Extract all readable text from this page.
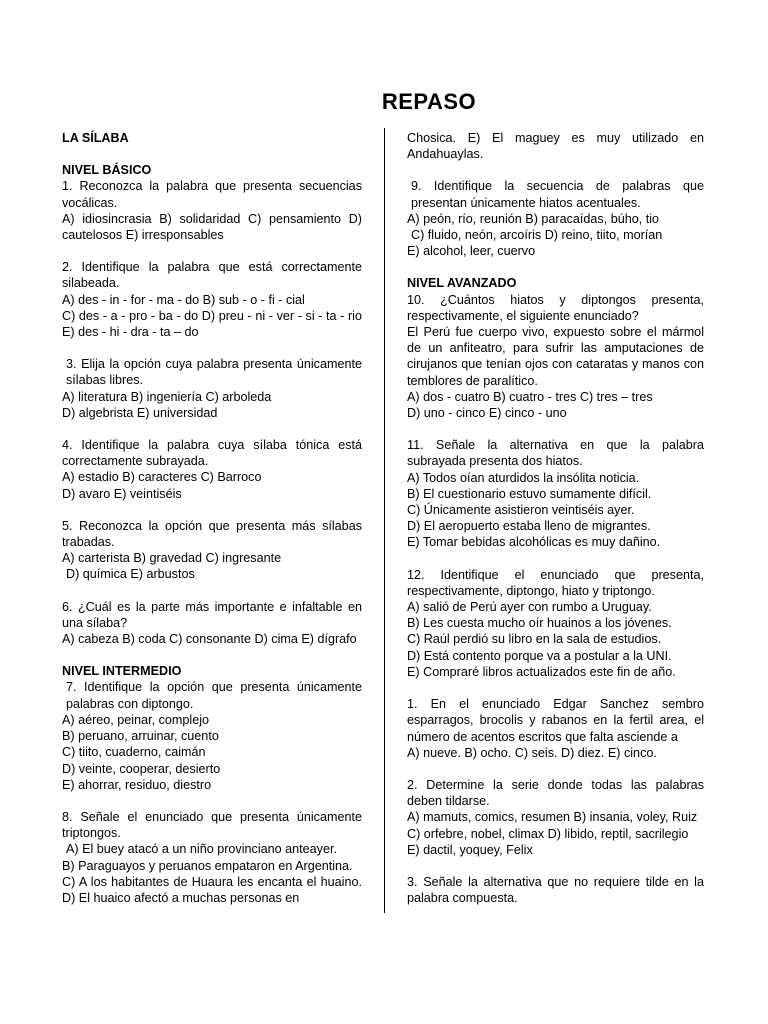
REPASO
LA SÍLABA
NIVEL BÁSICO
1. Reconozca la palabra que presenta secuencias vocálicas.
A) idiosincrasia B) solidaridad C) pensamiento D) cautelosos E) irresponsables
2. Identifique la palabra que está correctamente silabeada.
A) des - in - for - ma - do B) sub - o - fi - cial
C) des - a - pro - ba - do D) preu - ni - ver - si - ta - rio E) des - hi - dra - ta – do
3. Elija la opción cuya palabra presenta únicamente sílabas libres.
A) literatura B) ingeniería C) arboleda
D) algebrista E) universidad
4. Identifique la palabra cuya sílaba tónica está correctamente subrayada.
A) estadio B) caracteres C) Barroco
D) avaro E) veintiséis
5. Reconozca la opción que presenta más sílabas trabadas.
A) carterista B) gravedad C) ingresante
D) química E) arbustos
6. ¿Cuál es la parte más importante e infaltable en una sílaba?
A) cabeza B) coda C) consonante D) cima E) dígrafo
NIVEL INTERMEDIO
7. Identifique la opción que presenta únicamente palabras con diptongo.
A) aéreo, peinar, complejo
B) peruano, arruinar, cuento
C) tiito, cuaderno, caimán
D) veinte, cooperar, desierto
E) ahorrar, residuo, diestro
8. Señale el enunciado que presenta únicamente triptongos.
A) El buey atacó a un niño provinciano anteayer.
B) Paraguayos y peruanos empataron en Argentina.
C) A los habitantes de Huaura les encanta el huaino. D) El huaico afectó a muchas personas en
Chosica. E) El maguey es muy utilizado en Andahuaylas.
9. Identifique la secuencia de palabras que presentan únicamente hiatos acentuales.
A) peón, río, reunión B) paracaídas, búho, tio
C) fluido, neón, arcoíris D) reino, tiito, morían
E) alcohol, leer, cuervo
NIVEL AVANZADO
10. ¿Cuántos hiatos y diptongos presenta, respectivamente, el siguiente enunciado?
El Perú fue cuerpo vivo, expuesto sobre el mármol de un anfiteatro, para sufrir las amputaciones de cirujanos que tenían ojos con cataratas y manos con temblores de paralítico.
A) dos - cuatro B) cuatro - tres C) tres – tres
D) uno - cinco E) cinco - uno
11. Señale la alternativa en que la palabra subrayada presenta dos hiatos.
A) Todos oían aturdidos la insólita noticia.
B) El cuestionario estuvo sumamente difícil.
C) Únicamente asistieron veintiséis ayer.
D) El aeropuerto estaba lleno de migrantes.
E) Tomar bebidas alcohólicas es muy dañino.
12. Identifique el enunciado que presenta, respectivamente, diptongo, hiato y triptongo.
A) salió de Perú ayer con rumbo a Uruguay.
B) Les cuesta mucho oír huainos a los jóvenes.
C) Raúl perdió su libro en la sala de estudios.
D) Está contento porque va a postular a la UNI.
E) Compraré libros actualizados este fin de año.
1. En el enunciado Edgar Sanchez sembro esparragos, brocolis y rabanos en la fertil area, el número de acentos escritos que falta asciende a
A) nueve. B) ocho. C) seis. D) diez. E) cinco.
2. Determine la serie donde todas las palabras deben tildarse.
A) mamuts, comics, resumen B) insania, voley, Ruiz
C) orfebre, nobel, climax D) libido, reptil, sacrilegio
E) dactil, yoquey, Felix
3. Señale la alternativa que no requiere tilde en la palabra compuesta.
